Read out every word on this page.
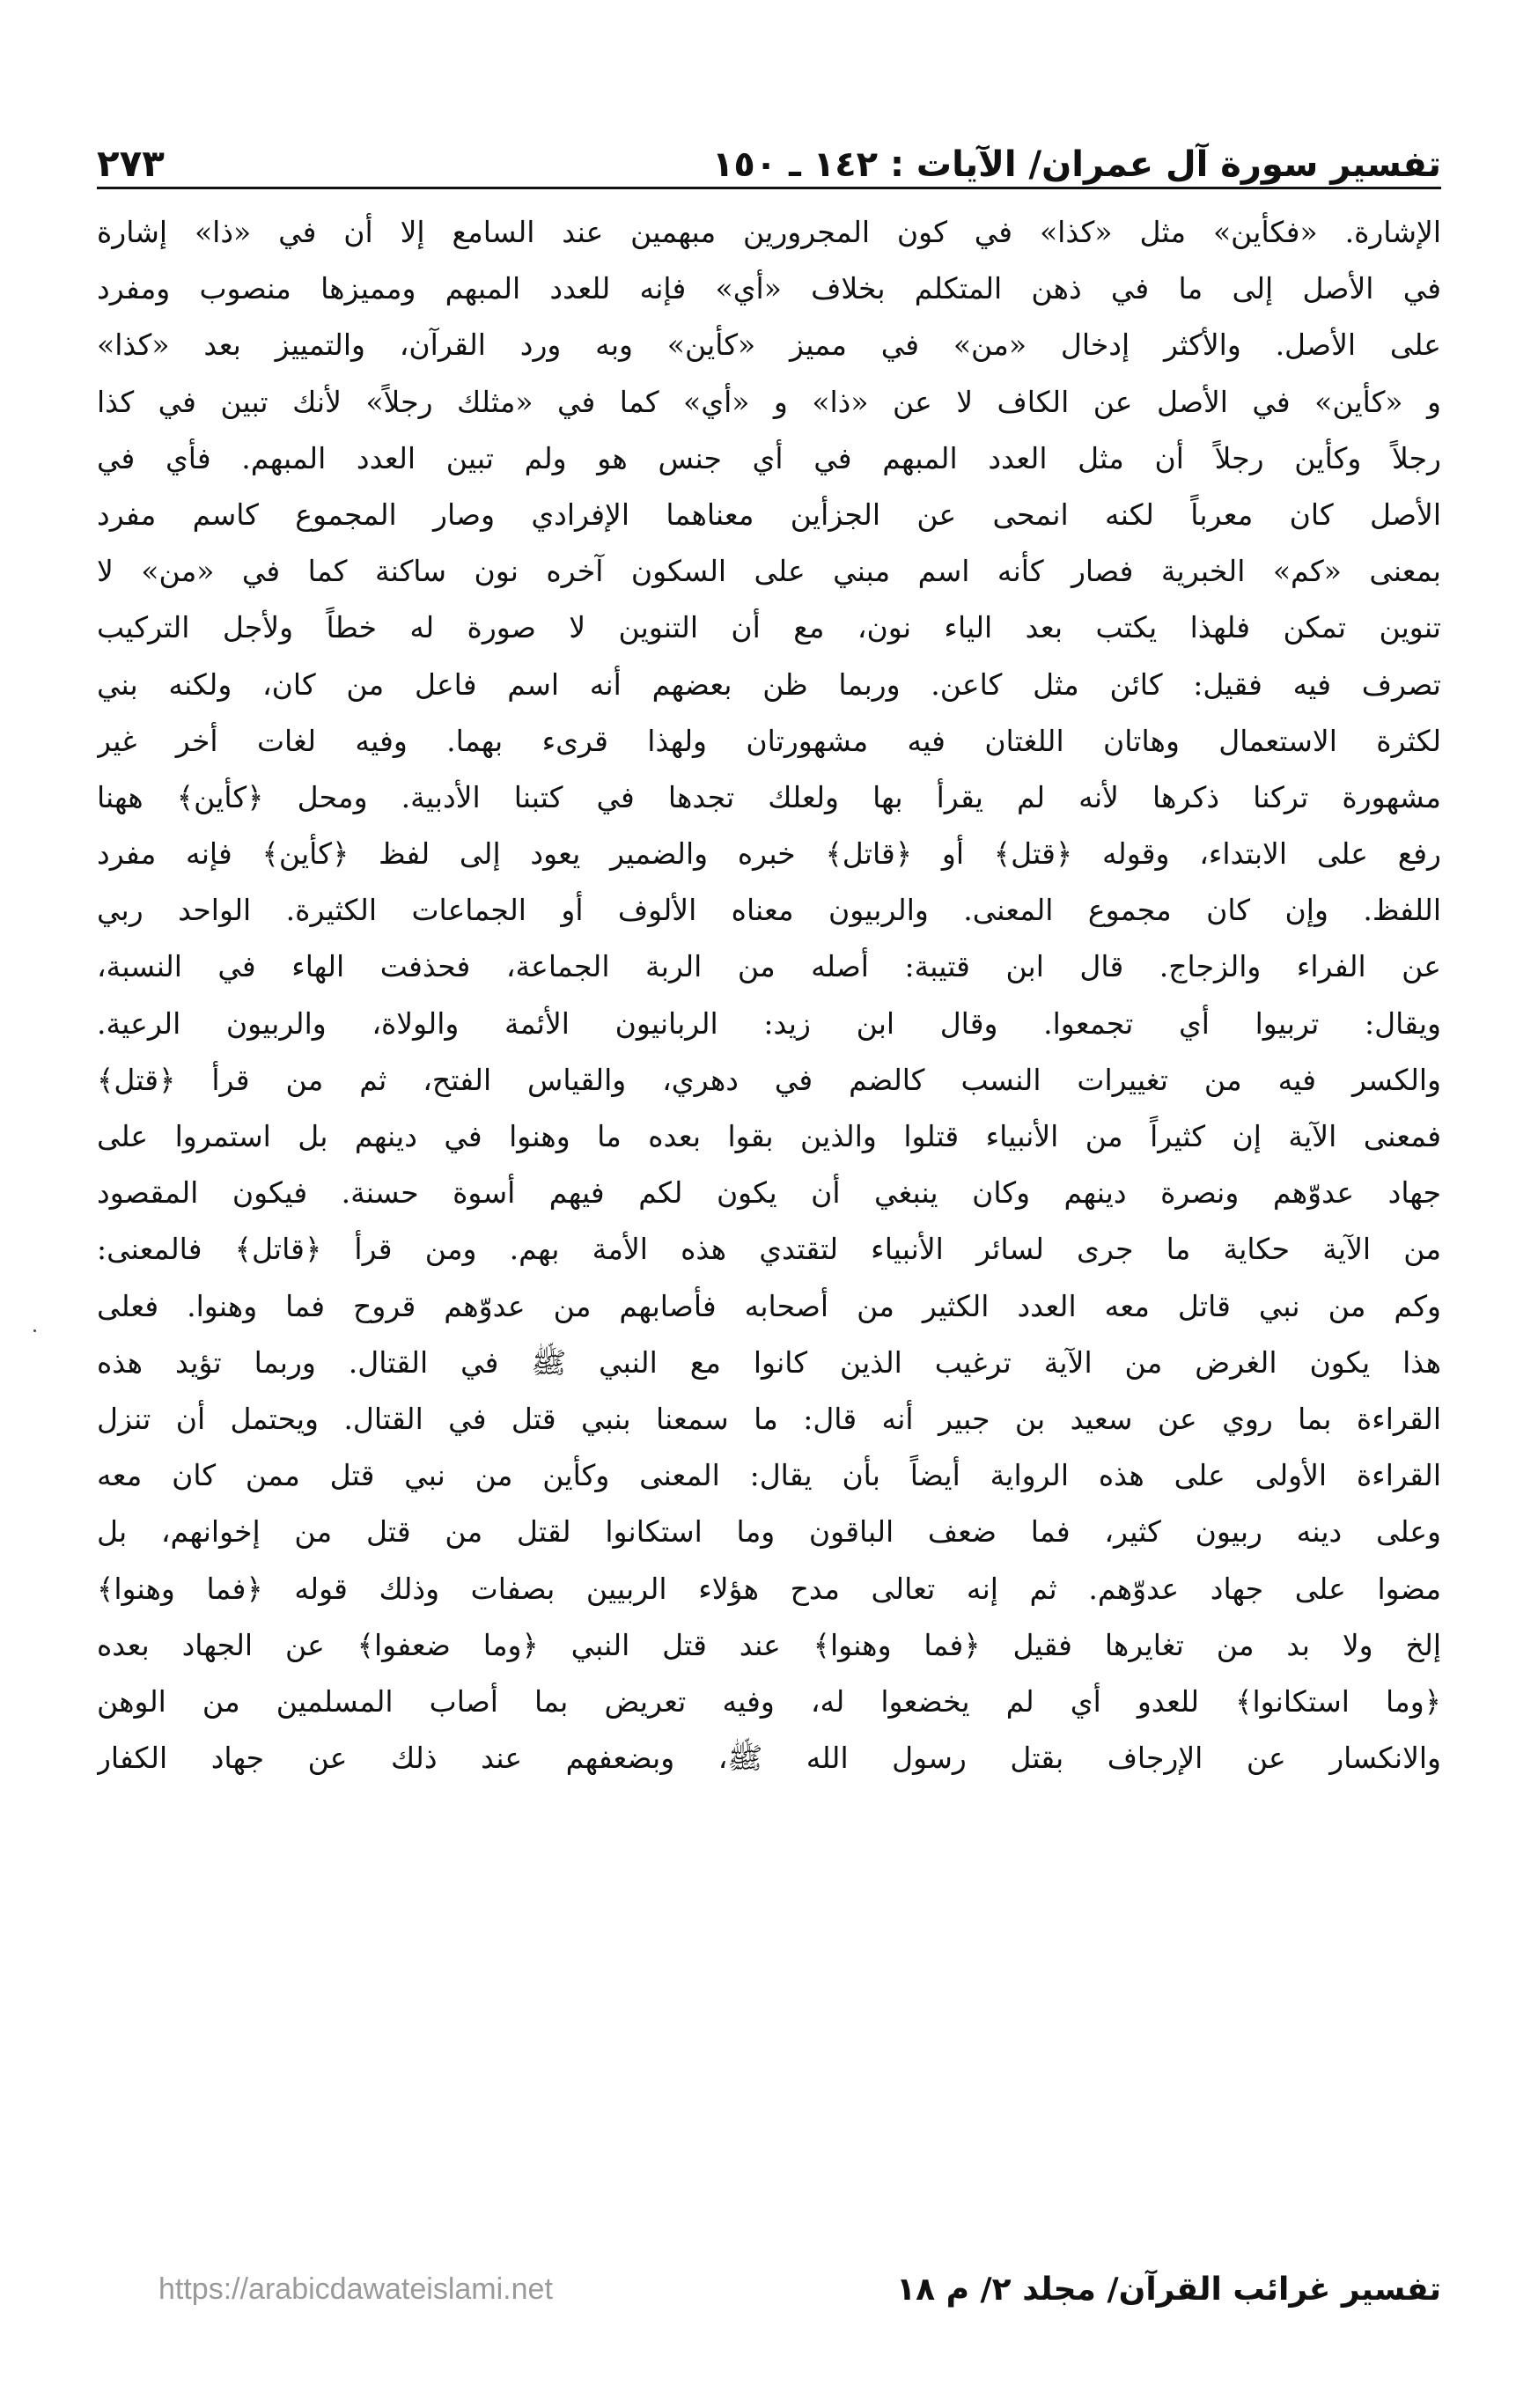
تفسير سورة آل عمران/ الآيات : ١٤٢ ـ ١٥٠
٢٧٣
الإشارة. «فكأين» مثل «كذا» في كون المجرورين مبهمين عند السامع إلا أن في «ذا» إشارة
في الأصل إلى ما في ذهن المتكلم بخلاف «أي» فإنه للعدد المبهم ومميزها منصوب ومفرد
على الأصل. والأكثر إدخال «من» في مميز «كأين» وبه ورد القرآن، والتمييز بعد «كذا»
و «كأين» في الأصل عن الكاف لا عن «ذا» و «أي» كما في «مثلك رجلاً» لأنك تبين في كذا
رجلاً وكأين رجلاً أن مثل العدد المبهم في أي جنس هو ولم تبين العدد المبهم. فأي في
الأصل كان معرباً لكنه انمحى عن الجزأين معناهما الإفرادي وصار المجموع كاسم مفرد
بمعنى «كم» الخبرية فصار كأنه اسم مبني على السكون آخره نون ساكنة كما في «من» لا
تنوين تمكن فلهذا يكتب بعد الياء نون، مع أن التنوين لا صورة له خطاً ولأجل التركيب
تصرف فيه فقيل: كائن مثل كاعن. وربما ظن بعضهم أنه اسم فاعل من كان، ولكنه بني
لكثرة الاستعمال وهاتان اللغتان فيه مشهورتان ولهذا قرىء بهما. وفيه لغات أخر غير
مشهورة تركنا ذكرها لأنه لم يقرأ بها ولعلك تجدها في كتبنا الأدبية. ومحل ﴿كأين﴾ ههنا
رفع على الابتداء، وقوله ﴿قتل﴾ أو ﴿قاتل﴾ خبره والضمير يعود إلى لفظ ﴿كأين﴾ فإنه مفرد
اللفظ. وإن كان مجموع المعنى. والربيون معناه الألوف أو الجماعات الكثيرة. الواحد ربي
عن الفراء والزجاج. قال ابن قتيبة: أصله من الربة الجماعة، فحذفت الهاء في النسبة،
ويقال: تربيوا أي تجمعوا. وقال ابن زيد: الربانيون الأئمة والولاة، والربيون الرعية.
والكسر فيه من تغييرات النسب كالضم في دهري، والقياس الفتح، ثم من قرأ ﴿قتل﴾
فمعنى الآية إن كثيراً من الأنبياء قتلوا والذين بقوا بعده ما وهنوا في دينهم بل استمروا على
جهاد عدوّهم ونصرة دينهم وكان ينبغي أن يكون لكم فيهم أسوة حسنة. فيكون المقصود
من الآية حكاية ما جرى لسائر الأنبياء لتقتدي هذه الأمة بهم. ومن قرأ ﴿قاتل﴾ فالمعنى:
وكم من نبي قاتل معه العدد الكثير من أصحابه فأصابهم من عدوّهم قروح فما وهنوا. فعلى
هذا يكون الغرض من الآية ترغيب الذين كانوا مع النبي ﷺ في القتال. وربما تؤيد هذه
القراءة بما روي عن سعيد بن جبير أنه قال: ما سمعنا بنبي قتل في القتال. ويحتمل أن تنزل
القراءة الأولى على هذه الرواية أيضاً بأن يقال: المعنى وكأين من نبي قتل ممن كان معه
وعلى دينه ربيون كثير، فما ضعف الباقون وما استكانوا لقتل من قتل من إخوانهم، بل
مضوا على جهاد عدوّهم. ثم إنه تعالى مدح هؤلاء الربيين بصفات وذلك قوله ﴿فما وهنوا﴾
إلخ ولا بد من تغايرها فقيل ﴿فما وهنوا﴾ عند قتل النبي ﴿وما ضعفوا﴾ عن الجهاد بعده
﴿وما استكانوا﴾ للعدو أي لم يخضعوا له، وفيه تعريض بما أصاب المسلمين من الوهن
والانكسار عن الإرجاف بقتل رسول الله ﷺ، وبضعفهم عند ذلك عن جهاد الكفار
تفسير غرائب القرآن/ مجلد ٢/ م ١٨
https://arabicdawateislami.net
